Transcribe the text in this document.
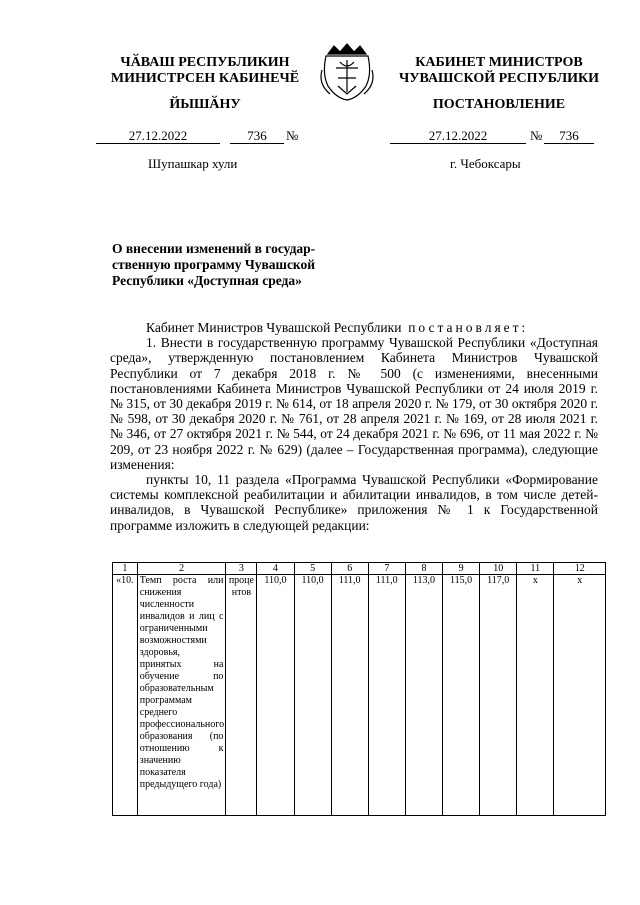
ЧӐВАШ РЕСПУБЛИКИН
МИНИСТРСЕН КАБИНЕЧӖ
КАБИНЕТ МИНИСТРОВ
ЧУВАШСКОЙ РЕСПУБЛИКИ
ЙЫШӐНУ	ПОСТАНОВЛЕНИЕ
27.12.2022	736	№	27.12.2022	№	736
Шупашкар хули	г. Чебоксары
О внесении изменений в государ-
ственную программу Чувашской
Республики «Доступная среда»

Кабинет Министров Чувашской Республики постановляет:

1. Внести в государственную программу Чувашской Республики «Доступная среда», утвержденную постановлением Кабинета Министров Чувашской Республики от 7 декабря 2018 г. № 500 (с изменениями, внесенными постановлениями Кабинета Министров Чувашской Республики от 24 июля 2019 г. № 315, от 30 декабря 2019 г. № 614, от 18 апреля 2020 г. № 179, от 30 октября 2020 г. № 598, от 30 декабря 2020 г. № 761, от 28 апреля 2021 г. № 169, от 28 июля 2021 г. № 346, от 27 октября 2021 г. № 544, от 24 декабря 2021 г. № 696, от 11 мая 2022 г. № 209, от 23 ноября 2022 г. № 629) (далее – Государственная программа), следующие изменения:

пункты 10, 11 раздела «Программа Чувашской Республики «Формирование системы комплексной реабилитации и абилитации инвалидов, в том числе детей-инвалидов, в Чувашской Республике» приложения № 1 к Государственной программе изложить в следующей редакции:

1	2	3	4	5	6	7	8	9	10	11	12
«10.	Темп роста или снижения численности инвалидов и лиц с ограниченными возможностями здоровья, принятых на обучение по образовательным программам среднего профессионального образования (по отношению к значению показателя предыдущего года)	процентов	110,0	110,0	111,0	111,0	113,0	115,0	117,0	х	х
